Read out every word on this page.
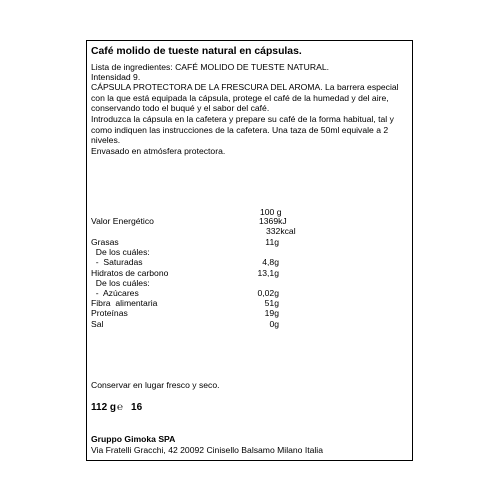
Café molido de tueste natural en cápsulas.
Lista de ingredientes: CAFÉ MOLIDO DE TUESTE NATURAL.
Intensidad 9.
CÁPSULA PROTECTORA DE LA FRESCURA DEL AROMA. La barrera especial con la que está equipada la cápsula, protege el café de la humedad y del aire, conservando todo el buqué y el sabor del café.
Introduzca la cápsula en la cafetera y prepare su café de la forma habitual, tal y como indiquen las instrucciones de la cafetera. Una taza de 50ml equivale a 2 niveles.
Envasado en atmósfera protectora.
100 g
Valor Energético	1369kJ
332kcal
Grasas	11g
De los cuáles:
-  Saturadas	4,8g
Hidratos de carbono	13,1g
De los cuáles:
-  Azúcares	0,02g
Fibra  alimentaria	51g
Proteínas	19g
Sal	0g
Conservar en lugar fresco y seco.
112 g℮ 16
Gruppo Gimoka SPA
Via Fratelli Gracchi, 42 20092 Cinisello Balsamo Milano Italia
